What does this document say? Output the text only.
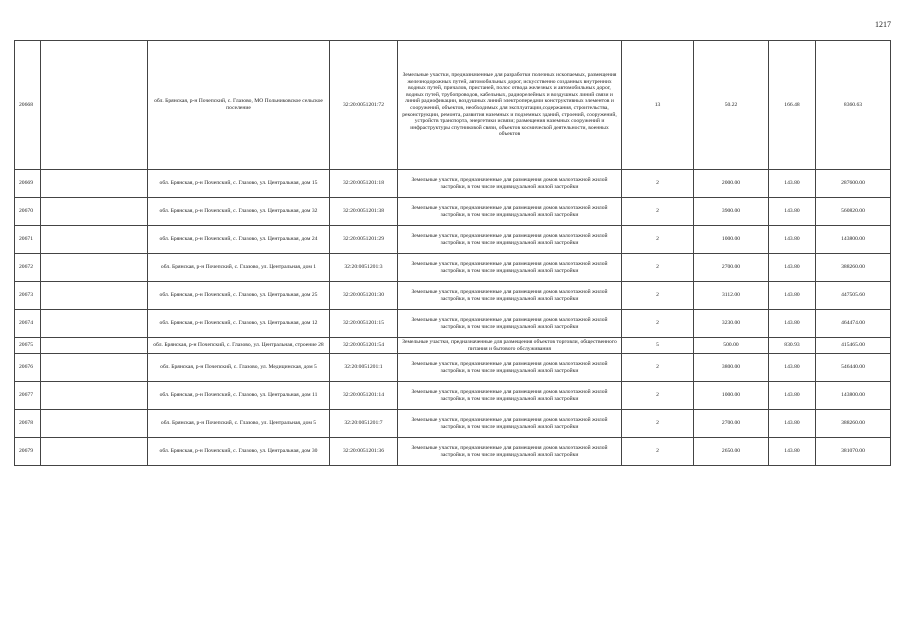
1217
20668		обл. Брянская, р-н Почепский, с. Глазово, МО Польниковское сельское поселение	32:20:0051201:72	Земельные участки, предназначенные для разработки полезных ископаемых, размещения железнодорожных путей, автомобильных дорог, искусственно созданных внутренних водных путей, причалов, пристаней, полос отвода железных и автомобильных дорог, водных путей, трубопроводов, кабельных, радиорелейных и воздушных линий связи и линий радиофикации, воздушных линий электропередачи конструктивных элементов и сооружений, объектов, необходимых для эксплуатации,содержания, строительства, реконструкции, ремонта, развития наземных и подземных зданий, строений, сооружений, устройств транспорта, энергетики исвязи; размещения наземных сооружений и инфраструктуры спутниковой связи, объектов космической деятельности, военных объектов	13	50.22	166.48	8360.63
20669		обл. Брянская, р-н Почепский, с. Глазово, ул. Центральная, дом 15	32:20:0051201:18	Земельные участки, предназначенные для размещения домов малоэтажной жилой застройки, в том числе индивидуальной жилой застройки	2	2000.00	143.80	287600.00
20670		обл. Брянская, р-н Почепский, с. Глазово, ул. Центральная, дом 32	32:20:0051201:38	Земельные участки, предназначенные для размещения домов малоэтажной жилой застройки, в том числе индивидуальной жилой застройки	2	3900.00	143.80	560820.00
20671		обл. Брянская, р-н Почепский, с. Глазово, ул. Центральная, дом 24	32:20:0051201:29	Земельные участки, предназначенные для размещения домов малоэтажной жилой застройки, в том числе индивидуальной жилой застройки	2	1000.00	143.80	143800.00
20672		обл. Брянская, р-н Почепский, с. Глазово, ул. Центральная, дом 1	32:20:0051201:3	Земельные участки, предназначенные для размещения домов малоэтажной жилой застройки, в том числе индивидуальной жилой застройки	2	2700.00	143.80	388260.00
20673		обл. Брянская, р-н Почепский, с. Глазово, ул. Центральная, дом 25	32:20:0051201:30	Земельные участки, предназначенные для размещения домов малоэтажной жилой застройки, в том числе индивидуальной жилой застройки	2	3112.00	143.80	447505.60
20674		обл. Брянская, р-н Почепский, с. Глазово, ул. Центральная, дом 12	32:20:0051201:15	Земельные участки, предназначенные для размещения домов малоэтажной жилой застройки, в том числе индивидуальной жилой застройки	2	3230.00	143.80	464474.00
20675		обл. Брянская, р-н Почепский, с. Глазово, ул. Центральная, строение 28	32:20:0051201:54	Земельные участки, предназначенные для размещения объектов торговли, общественного питания и бытового обслуживания	5	500.00	830.93	415465.00
20676		обл. Брянская, р-н Почепский, с. Глазово, ул. Медицинская, дом 5	32:20:0051201:1	Земельные участки, предназначенные для размещения домов малоэтажной жилой застройки, в том числе индивидуальной жилой застройки	2	3800.00	143.80	546440.00
20677		обл. Брянская, р-н Почепский, с. Глазово, ул. Центральная, дом 11	32:20:0051201:14	Земельные участки, предназначенные для размещения домов малоэтажной жилой застройки, в том числе индивидуальной жилой застройки	2	1000.00	143.80	143800.00
20678		обл. Брянская, р-н Почепский, с. Глазово, ул. Центральная, дом 5	32:20:0051201:7	Земельные участки, предназначенные для размещения домов малоэтажной жилой застройки, в том числе индивидуальной жилой застройки	2	2700.00	143.80	388260.00
20679		обл. Брянская, р-н Почепский, с. Глазово, ул. Центральная, дом 30	32:20:0051201:36	Земельные участки, предназначенные для размещения домов малоэтажной жилой застройки, в том числе индивидуальной жилой застройки	2	2650.00	143.80	381070.00
